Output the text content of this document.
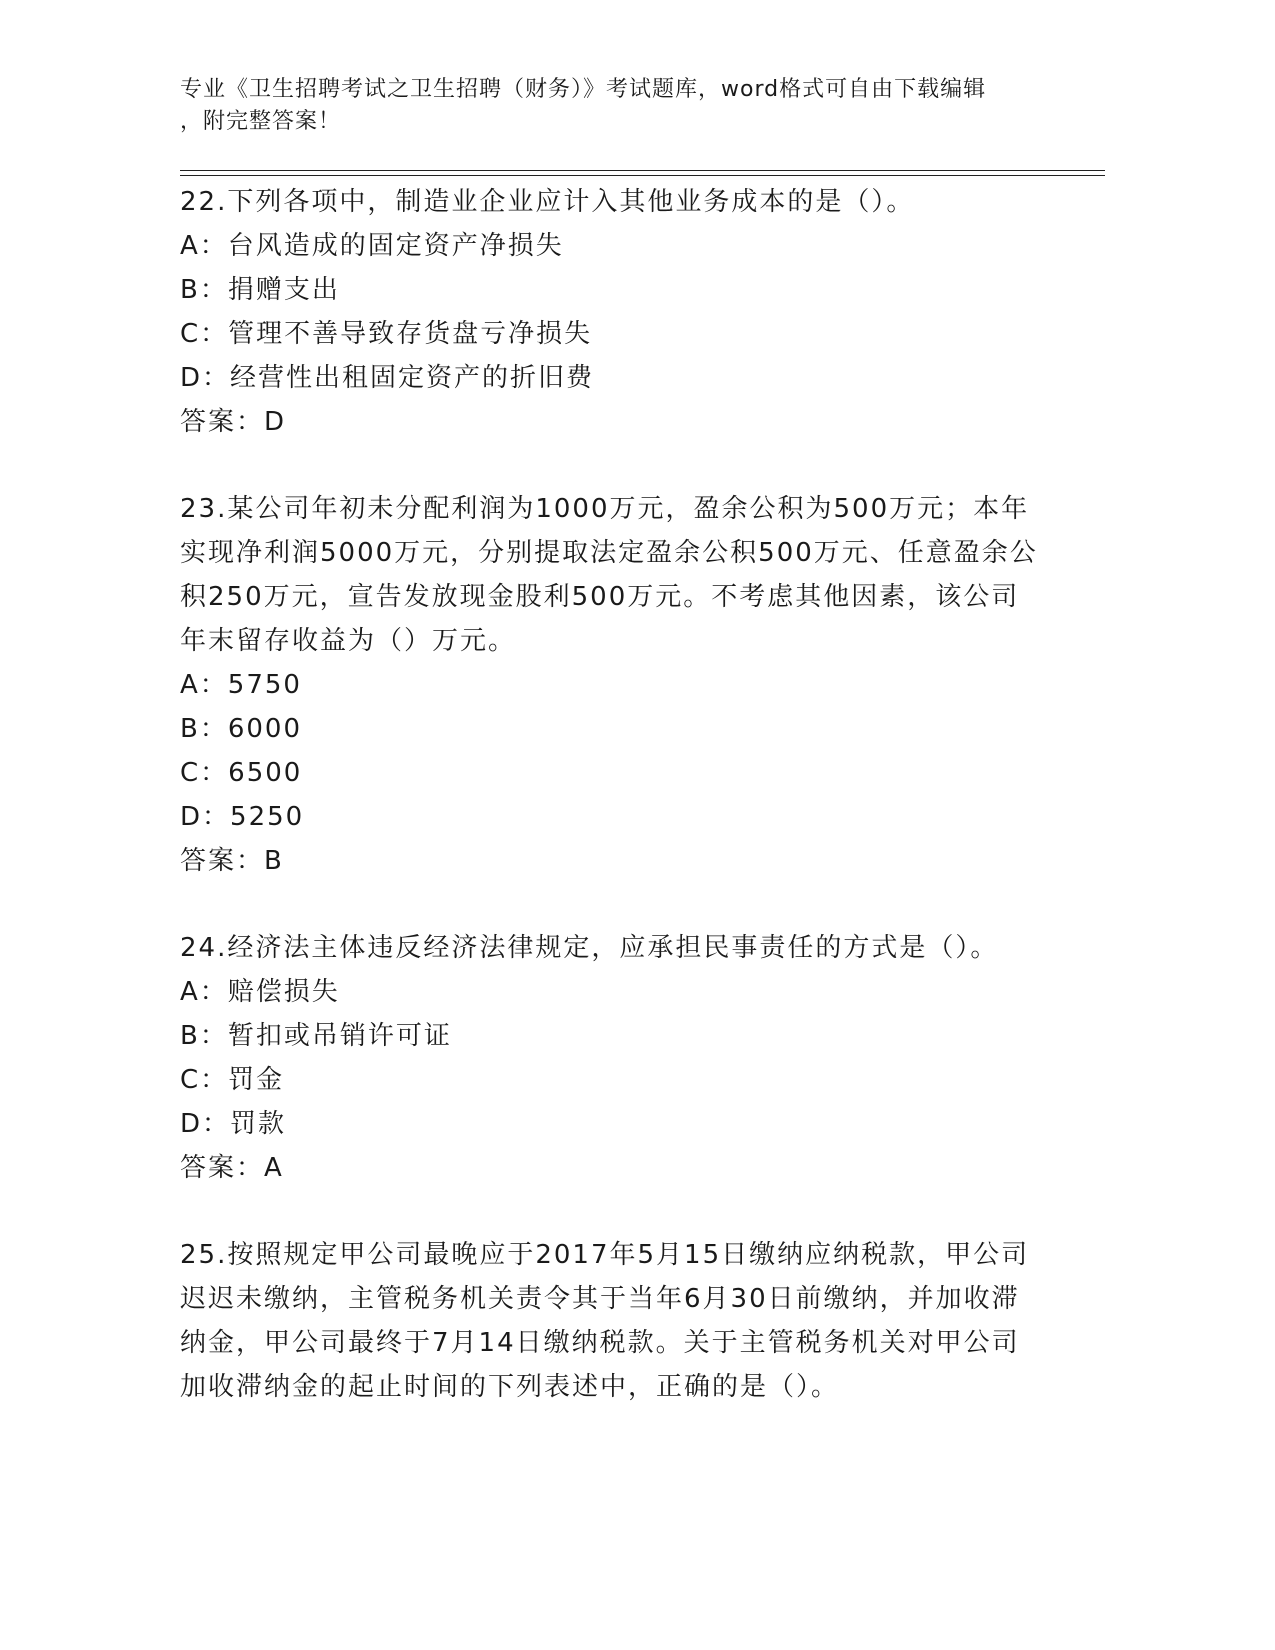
专业《卫生招聘考试之卫生招聘（财务）》考试题库，word格式可自由下载编辑
，附完整答案！

22.下列各项中，制造业企业应计入其他业务成本的是（）。

A：台风造成的固定资产净损失
B：捐赠支出
C：管理不善导致存货盘亏净损失
D：经营性出租固定资产的折旧费
答案：D

23.某公司年初未分配利润为1000万元，盈余公积为500万元；本年实现净利润5000万元，分别提取法定盈余公积500万元、任意盈余公积250万元，宣告发放现金股利500万元。不考虑其他因素，该公司年末留存收益为（）万元。

A：5750
B：6000
C：6500
D：5250
答案：B

24.经济法主体违反经济法律规定，应承担民事责任的方式是（）。

A：赔偿损失
B：暂扣或吊销许可证
C：罚金
D：罚款
答案：A

25.按照规定甲公司最晚应于2017年5月15日缴纳应纳税款，甲公司迟迟未缴纳，主管税务机关责令其于当年6月30日前缴纳，并加收滞纳金，甲公司最终于7月14日缴纳税款。关于主管税务机关对甲公司加收滞纳金的起止时间的下列表述中，正确的是（）。
